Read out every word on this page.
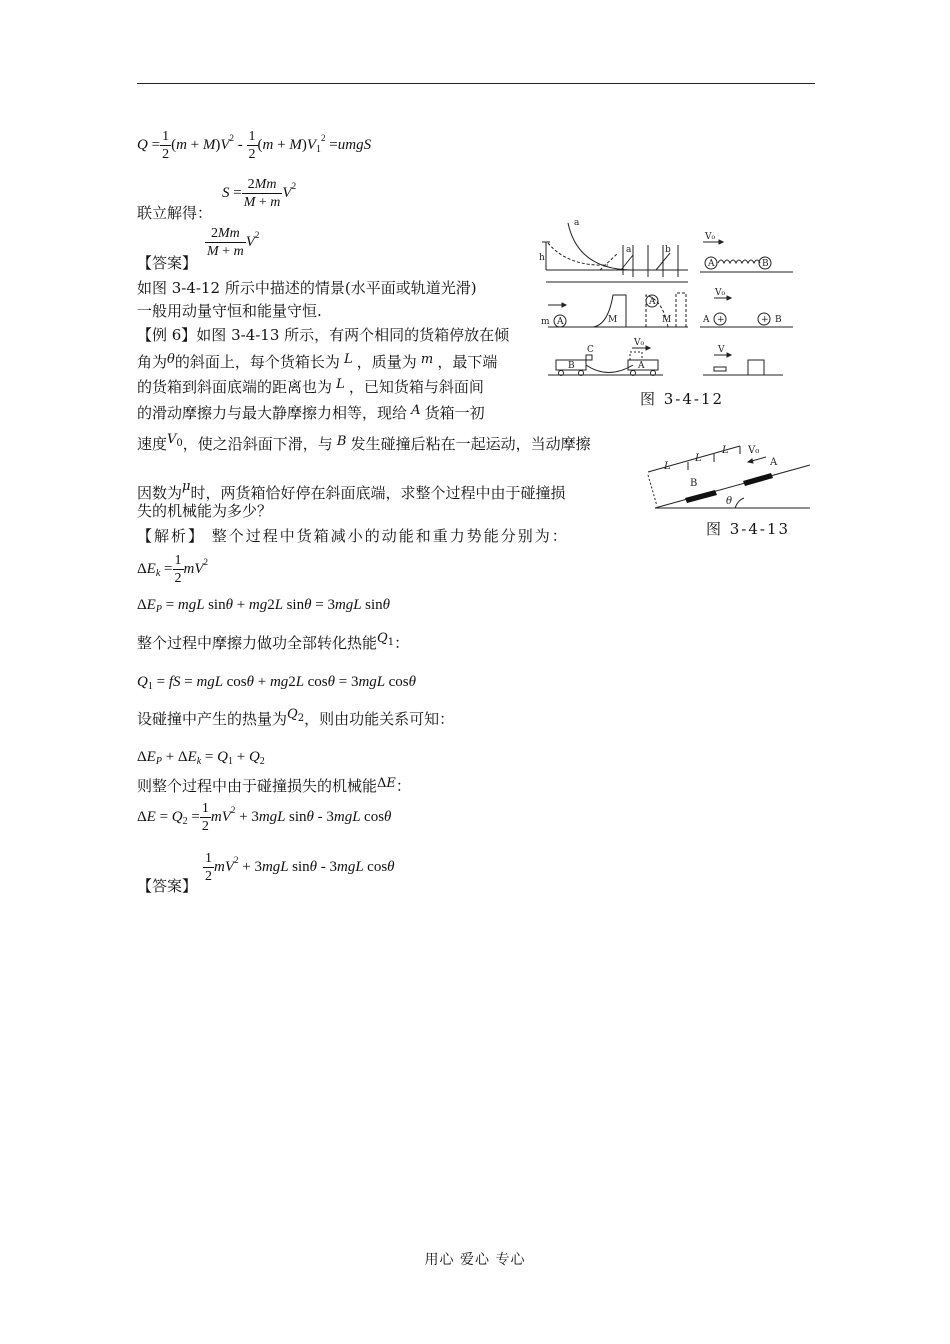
$Q = \frac{1}{2} (m + M)V^2 - \frac{1}{2} (m + M)V_1^2$ =umgS
联立解得：
$S = \frac{2Mm}{M + m} V^2$
【答案】
$\frac{2Mm}{M + m} V^2$
如图 3-4-12 所示中描述的情景(水平面或轨道光滑)
一般用动量守恒和能量守恒.
【例 6】如图 3-4-13 所示，有两个相同的货箱停放在倾
角为θ的斜面上，每个货箱长为 L ，质量为 m ，最下端
的货箱到斜面底端的距离也为 L ，已知货箱与斜面间
的滑动摩擦力与最大静摩擦力相等，现给 A 货箱一初
速度$V_0$，使之沿斜面下滑，与 B 发生碰撞后粘在一起运动，当动摩擦
因数为μ时，两货箱恰好停在斜面底端，求整个过程中由于碰撞损
失的机械能为多少？
【解析】 整个过程中货箱减小的动能和重力势能分别为：
$\Delta E_k = \frac{1}{2} mV^2$
$\Delta E_P$ = mgL sinθ + mg2L sinθ = 3mgL sinθ
整个过程中摩擦力做功全部转化热能$Q_1$：
$Q_1$ = fS = mgL cosθ + mg2L cosθ = 3mgL cosθ
设碰撞中产生的热量为$Q_2$，则由功能关系可知：
$\Delta E_P + \Delta E_k = Q_1 + Q_2$
则整个过程中由于碰撞损失的机械能ΔE：
$\Delta E = Q_2 = \frac{1}{2} mV^2 + 3mgL$ sinθ - 3mgL cosθ
【答案】
$\frac{1}{2} mV^2 + 3mgL$ sinθ - 3mgL cosθ
a
a	b
h
V₀
A	B
m A	M
A
M
V₀
A +	+ B
C
B
V₀
A
V
图 3-4-12
L
L
L V₀
A
B
θ
图 3-4-13
用心 爱心 专心
